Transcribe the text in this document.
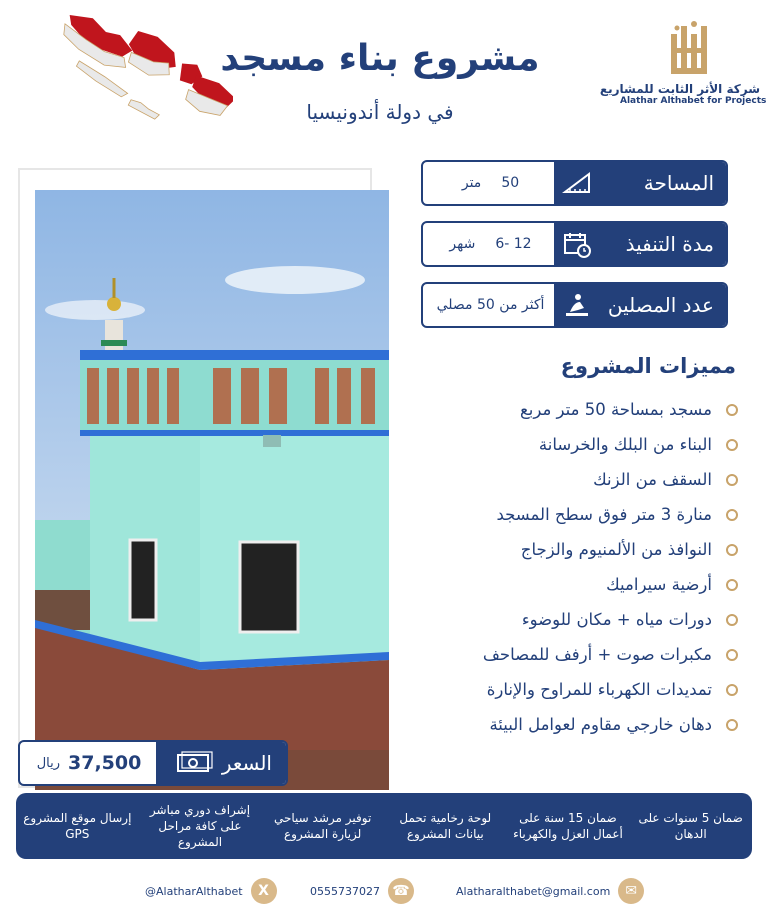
شركة الأثر الثابت للمشاريع
Alathar Althabet for Projects
مشروع بناء مسجد
في دولة أندونيسيا
المساحة
50
متر
مدة التنفيذ
12 -6
شهر
عدد المصلين
أكثر من 50 مصلي
مميزات المشروع
مسجد بمساحة 50 متر مربع
البناء من البلك والخرسانة
السقف من الزنك
منارة 3 متر فوق سطح المسجد
النوافذ من الألمنيوم والزجاج
أرضية سيراميك
دورات مياه + مكان للوضوء
مكبرات صوت + أرفف للمصاحف
تمديدات الكهرباء للمراوح والإنارة
دهان خارجي مقاوم لعوامل البيئة
السعر
37,500
ريال
ضمان 5 سنوات على الدهان
ضمان 15 سنة على أعمال العزل والكهرباء
لوحة رخامية تحمل بيانات المشروع
توفير مرشد سياحي لزيارة المشروع
إشراف دوري مباشر على كافة مراحل المشروع
إرسال موقع المشروع GPS
Alatharalthabet@gmail.com	✉
0555737027 ☎
@AlatharAlthabet	X
